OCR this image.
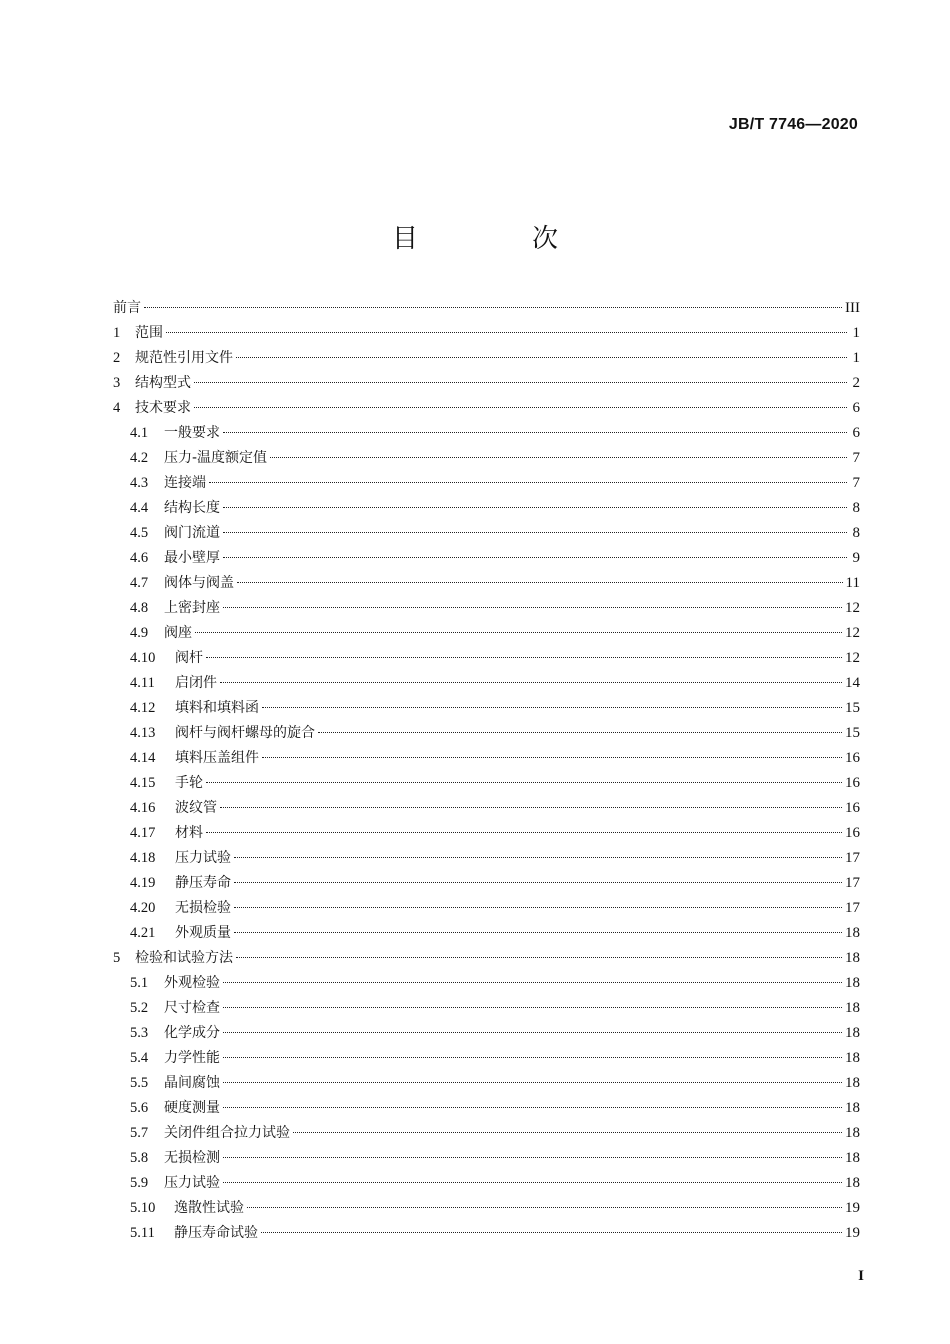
JB/T 7746—2020
目　次
前言	III
1	范围	1
2	规范性引用文件	1
3	结构型式	2
4	技术要求	6
4.1	一般要求	6
4.2	压力-温度额定值	7
4.3	连接端	7
4.4	结构长度	8
4.5	阀门流道	8
4.6	最小壁厚	9
4.7	阀体与阀盖	11
4.8	上密封座	12
4.9	阀座	12
4.10	阀杆	12
4.11	启闭件	14
4.12	填料和填料函	15
4.13	阀杆与阀杆螺母的旋合	15
4.14	填料压盖组件	16
4.15	手轮	16
4.16	波纹管	16
4.17	材料	16
4.18	压力试验	17
4.19	静压寿命	17
4.20	无损检验	17
4.21	外观质量	18
5	检验和试验方法	18
5.1	外观检验	18
5.2	尺寸检查	18
5.3	化学成分	18
5.4	力学性能	18
5.5	晶间腐蚀	18
5.6	硬度测量	18
5.7	关闭件组合拉力试验	18
5.8	无损检测	18
5.9	压力试验	18
5.10	逸散性试验	19
5.11	静压寿命试验	19
I
